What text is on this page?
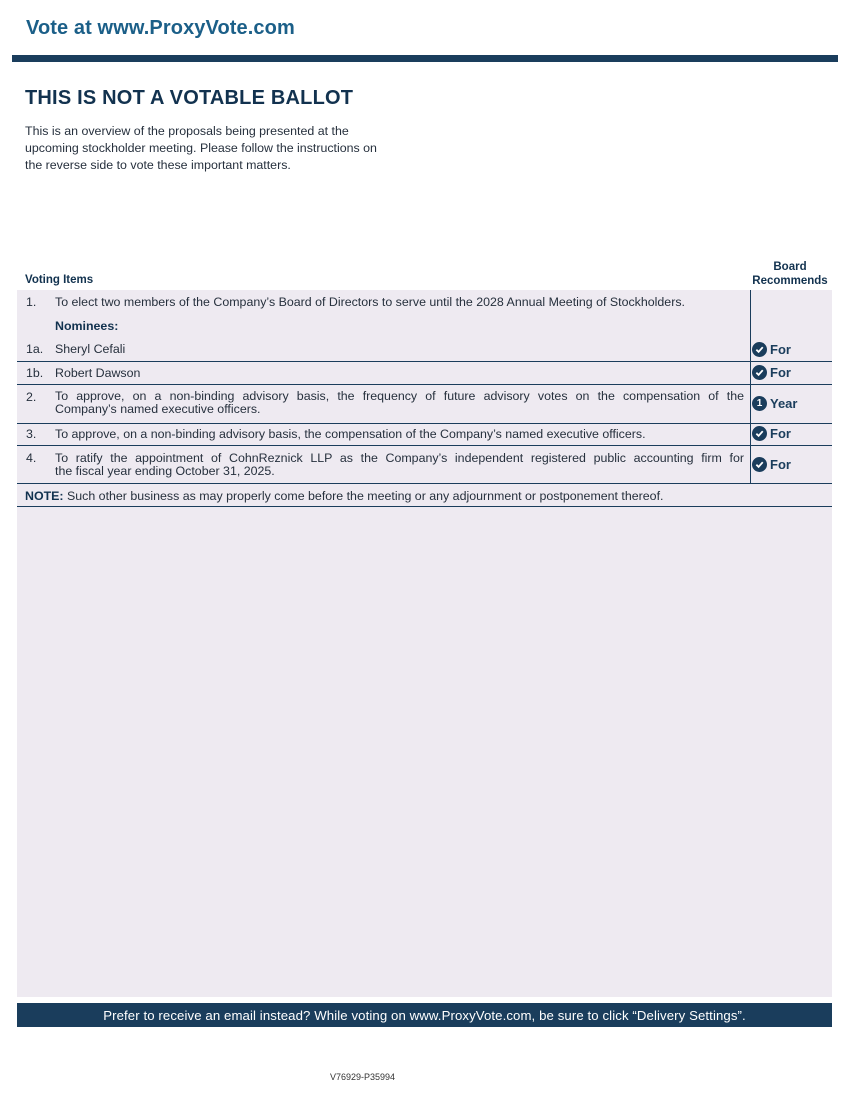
Vote at www.ProxyVote.com
THIS IS NOT A VOTABLE BALLOT
This is an overview of the proposals being presented at the
upcoming stockholder meeting. Please follow the instructions on
the reverse side to vote these important matters.
Voting Items
Board
Recommends
1. To elect two members of the Company’s Board of Directors to serve until the 2028 Annual Meeting of Stockholders.
Nominees:
1a. Sheryl Cefali	For
1b. Robert Dawson	For
2. To approve, on a non-binding advisory basis, the frequency of future advisory votes on the compensation of the
Company’s named executive officers.	1 Year
3. To approve, on a non-binding advisory basis, the compensation of the Company’s named executive officers.	For
4. To ratify the appointment of CohnReznick LLP as the Company’s independent registered public accounting firm for
the fiscal year ending October 31, 2025.	For
NOTE: Such other business as may properly come before the meeting or any adjournment or postponement thereof.
Prefer to receive an email instead? While voting on www.ProxyVote.com, be sure to click “Delivery Settings”.
V76929-P35994
